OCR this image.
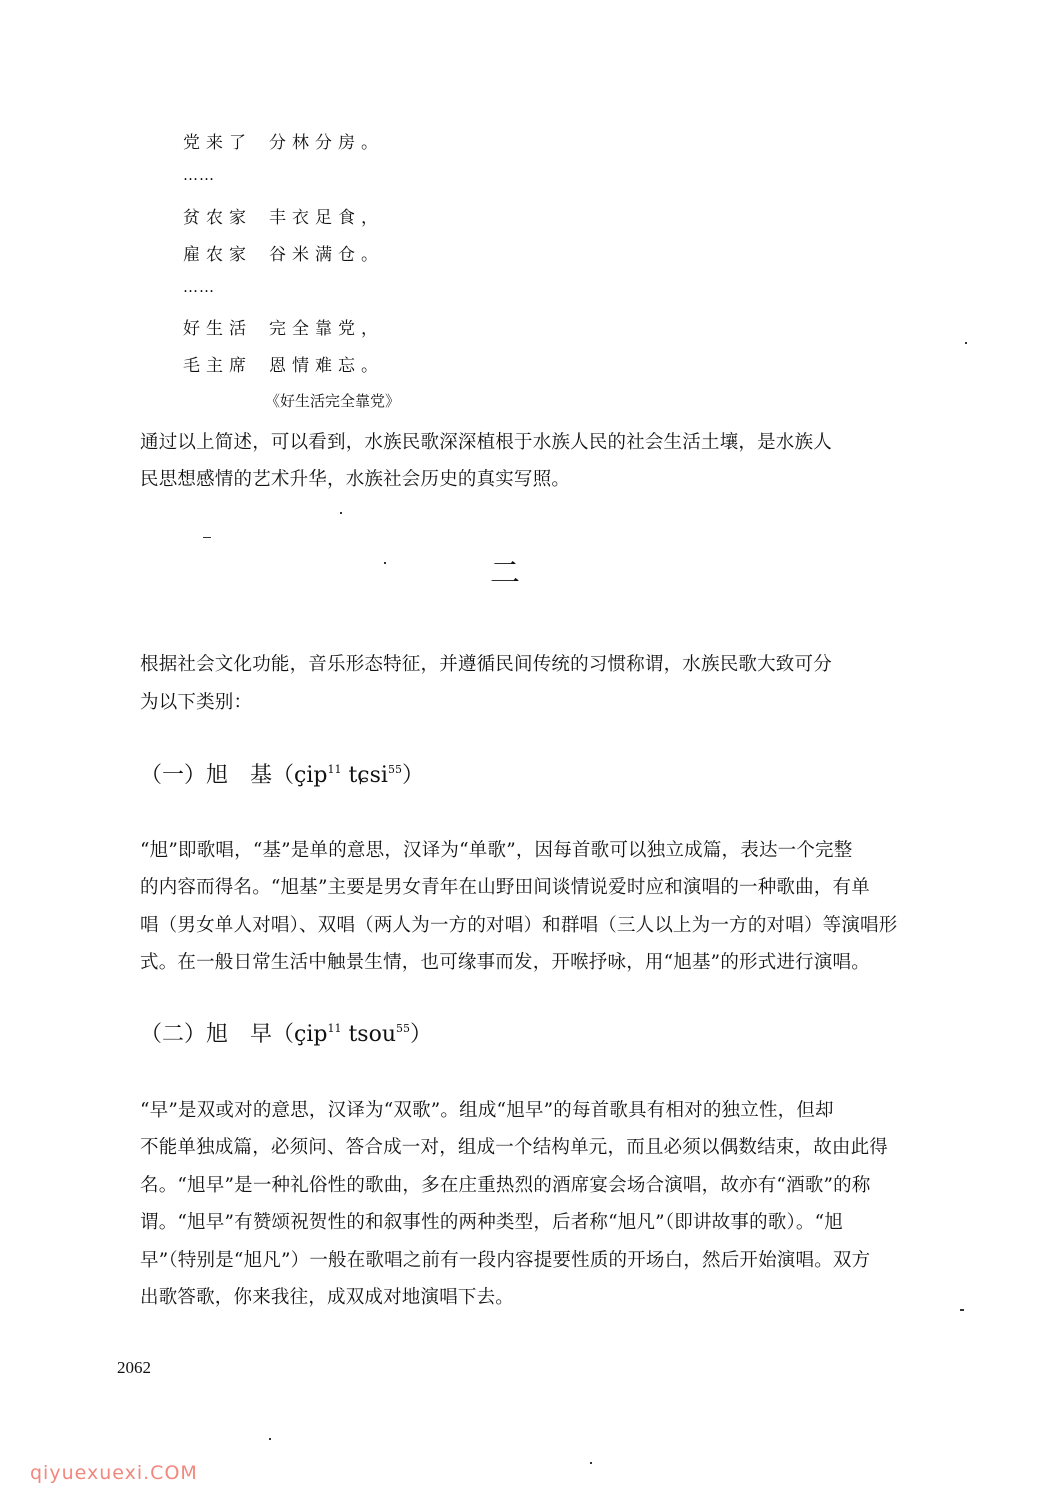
党来了 分林分房。
……
贫农家 丰衣足食，
雇农家 谷米满仓。
……
好生活 完全靠党，
毛主席 恩情难忘。
《好生活完全靠党》
通过以上简述，可以看到，水族民歌深深植根于水族人民的社会生活土壤，是水族人
民思想感情的艺术升华，水族社会历史的真实写照。
二
根据社会文化功能，音乐形态特征，并遵循民间传统的习惯称谓，水族民歌大致可分
为以下类别：
（一）旭　基（çip$^{11}$ tɕsi$^{55}$）
“旭”即歌唱，“基”是单的意思，汉译为“单歌”，因每首歌可以独立成篇，表达一个完整
的内容而得名。“旭基”主要是男女青年在山野田间谈情说爱时应和演唱的一种歌曲，有单
唱（男女单人对唱）、双唱（两人为一方的对唱）和群唱（三人以上为一方的对唱）等演唱形
式。在一般日常生活中触景生情，也可缘事而发，开喉抒咏，用“旭基”的形式进行演唱。
（二）旭　早（çip$^{11}$ tsou$^{55}$）
“早”是双或对的意思，汉译为“双歌”。组成“旭早”的每首歌具有相对的独立性，但却
不能单独成篇，必须问、答合成一对，组成一个结构单元，而且必须以偶数结束，故由此得
名。“旭早”是一种礼俗性的歌曲，多在庄重热烈的酒席宴会场合演唱，故亦有“酒歌”的称
谓。“旭早”有赞颂祝贺性的和叙事性的两种类型，后者称“旭凡”（即讲故事的歌）。“旭
早”（特别是“旭凡”）一般在歌唱之前有一段内容提要性质的开场白，然后开始演唱。双方
出歌答歌，你来我往，成双成对地演唱下去。
2062
qiyuexuexi.COM
